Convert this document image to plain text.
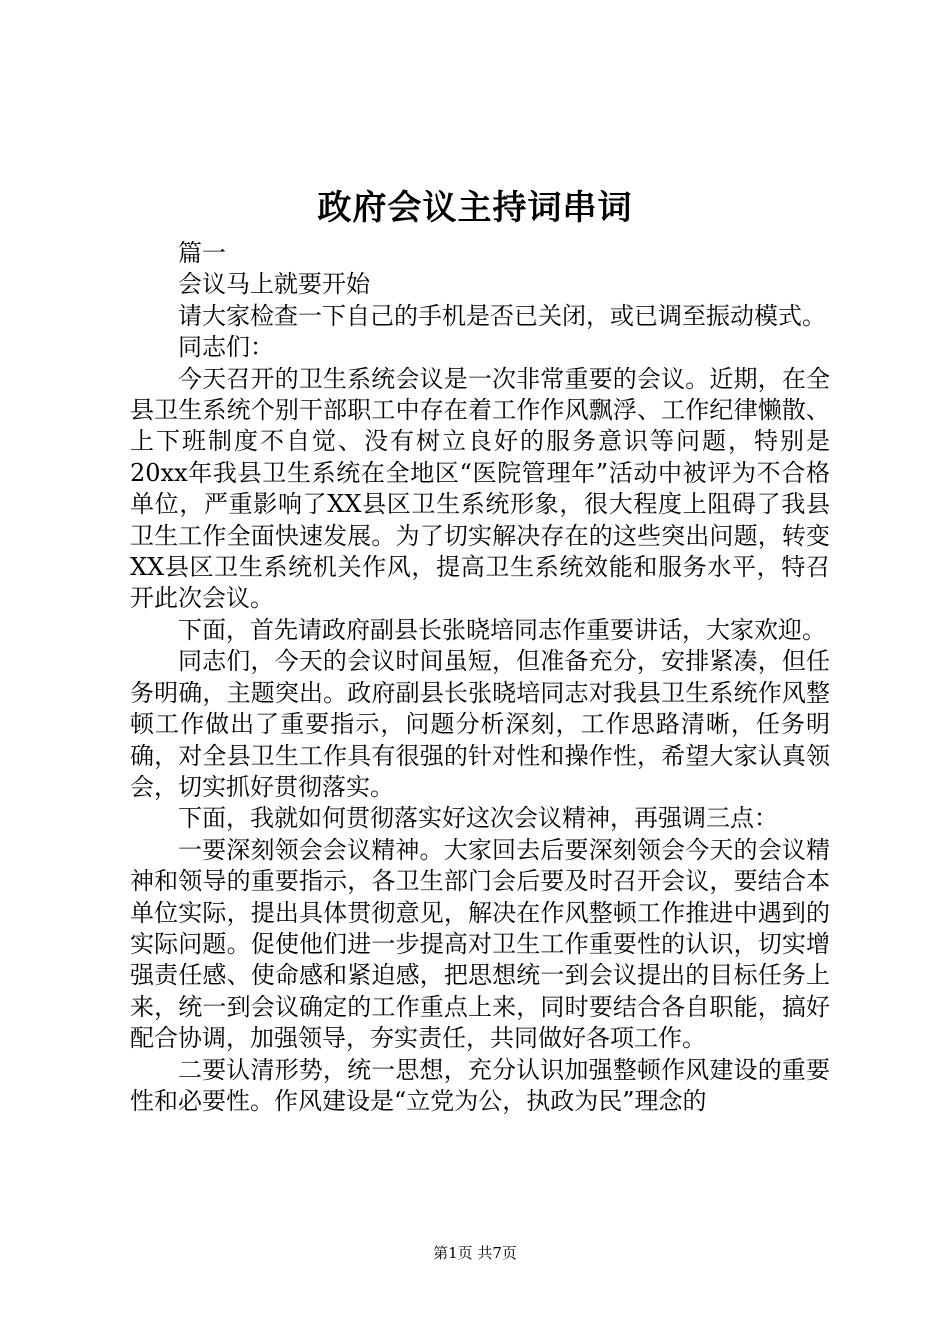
政府会议主持词串词

篇一

会议马上就要开始

请大家检查一下自己的手机是否已关闭，或已调至振动模式。

同志们：

今天召开的卫生系统会议是一次非常重要的会议。近期，在全县卫生系统个别干部职工中存在着工作作风飘浮、工作纪律懒散、上下班制度不自觉、没有树立良好的服务意识等问题，特别是20xx年我县卫生系统在全地区“医院管理年”活动中被评为不合格单位，严重影响了XX县区卫生系统形象，很大程度上阻碍了我县卫生工作全面快速发展。为了切实解决存在的这些突出问题，转变XX县区卫生系统机关作风，提高卫生系统效能和服务水平，特召开此次会议。

下面，首先请政府副县长张晓培同志作重要讲话，大家欢迎。

同志们，今天的会议时间虽短，但准备充分，安排紧凑，但任务明确，主题突出。政府副县长张晓培同志对我县卫生系统作风整顿工作做出了重要指示，问题分析深刻，工作思路清晰，任务明确，对全县卫生工作具有很强的针对性和操作性，希望大家认真领会，切实抓好贯彻落实。

下面，我就如何贯彻落实好这次会议精神，再强调三点：

一要深刻领会会议精神。大家回去后要深刻领会今天的会议精神和领导的重要指示，各卫生部门会后要及时召开会议，要结合本单位实际，提出具体贯彻意见，解决在作风整顿工作推进中遇到的实际问题。促使他们进一步提高对卫生工作重要性的认识，切实增强责任感、使命感和紧迫感，把思想统一到会议提出的目标任务上来，统一到会议确定的工作重点上来，同时要结合各自职能，搞好配合协调，加强领导，夯实责任，共同做好各项工作。

二要认清形势，统一思想，充分认识加强整顿作风建设的重要性和必要性。作风建设是“立党为公，执政为民”理念的

第1页 共7页
